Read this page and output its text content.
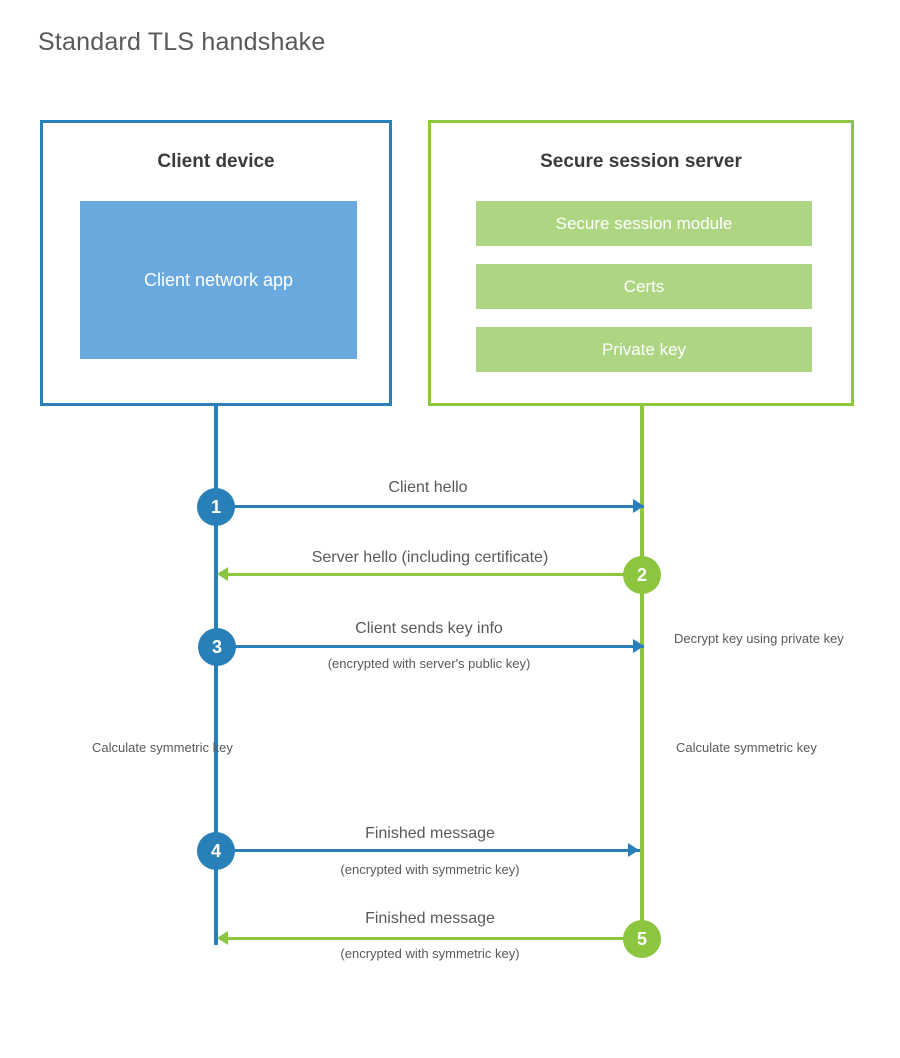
Standard TLS handshake
Client device
Client network app
Secure session server
Secure session module
Certs
Private key
Client hello
1
Server hello (including certificate)
2
Client sends key info
(encrypted with server's public key)
3	Decrypt key using private key
Calculate symmetric key	Calculate symmetric key
Finished message
(encrypted with symmetric key)
4
Finished message
(encrypted with symmetric key)
5
